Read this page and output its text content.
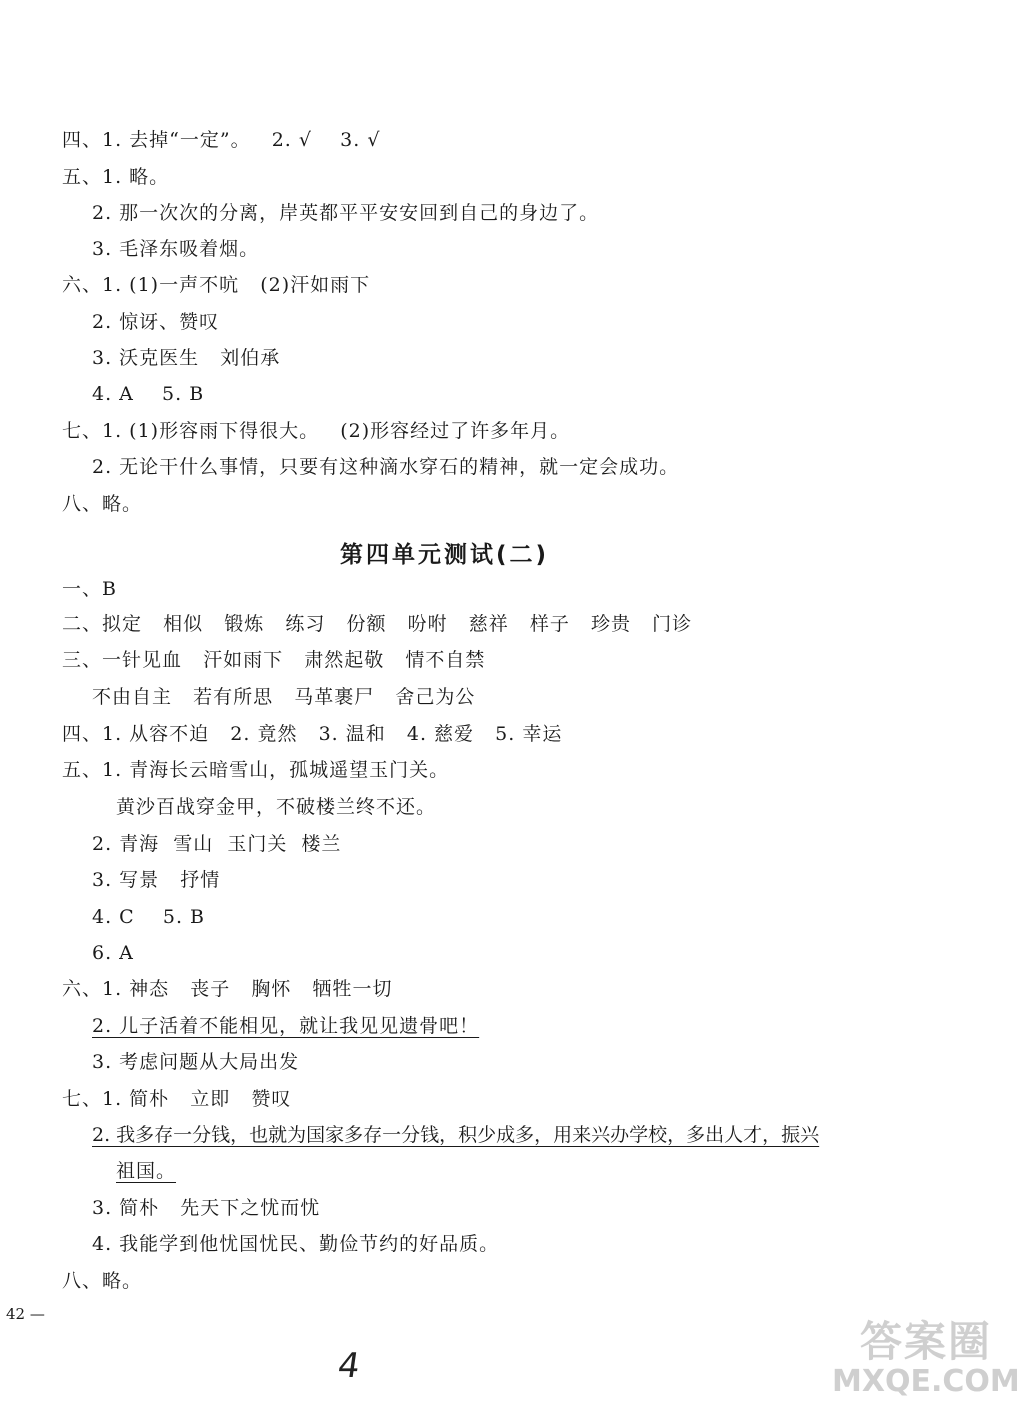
四、1. 去掉“一定”。   2. √    3. √
五、1. 略。
2. 那一次次的分离，岸英都平平安安回到自己的身边了。
3. 毛泽东吸着烟。
六、1. (1)一声不吭   (2)汗如雨下
2. 惊讶、赞叹
3. 沃克医生   刘伯承
4. A    5. B
七、1. (1)形容雨下得很大。   (2)形容经过了许多年月。
2. 无论干什么事情，只要有这种滴水穿石的精神，就一定会成功。
八、略。
第四单元测试(二)
一、B
二、拟定   相似   锻炼   练习   份额   吩咐   慈祥   样子   珍贵   门诊
三、一针见血   汗如雨下   肃然起敬   情不自禁
不由自主   若有所思   马革裹尸   舍己为公
四、1. 从容不迫   2. 竟然   3. 温和   4. 慈爱   5. 幸运
五、1. 青海长云暗雪山，孤城遥望玉门关。
黄沙百战穿金甲，不破楼兰终不还。
2. 青海  雪山  玉门关  楼兰
3. 写景   抒情
4. C    5. B
6. A
六、1. 神态   丧子   胸怀   牺牲一切
2. 儿子活着不能相见，就让我见见遗骨吧！
3. 考虑问题从大局出发
七、1. 简朴   立即   赞叹
2. 我多存一分钱，也就为国家多存一分钱，积少成多，用来兴办学校，多出人才，振兴
祖国。
3. 简朴   先天下之忧而忧
4. 我能学到他忧国忧民、勤俭节约的好品质。
八、略。
42 —
4	答案圈
MXQE.COM
